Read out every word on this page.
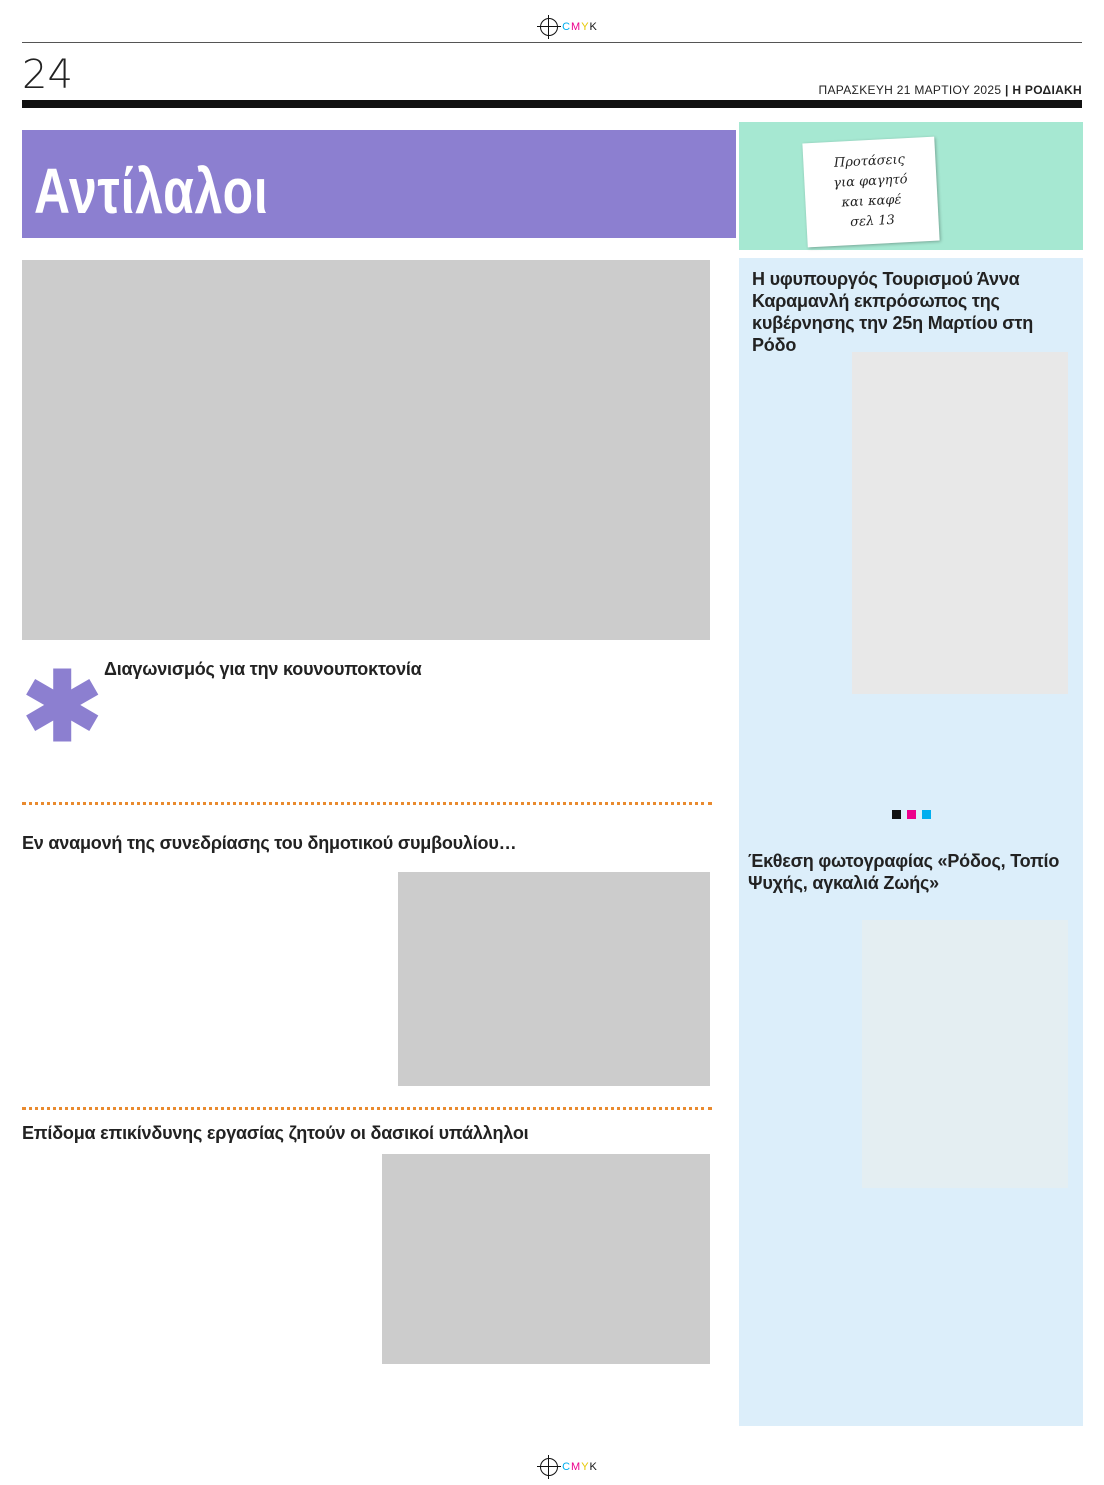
CMYK
24	ΠΑΡΑΣΚΕΥΗ 21 ΜΑΡΤΙΟΥ 2025 | Η ΡΟΔΙΑΚΗ
Αντίλαλοι	Προτάσεις
για φαγητό
και καφέ
σελ 13
✱ Διαγωνισμός για την κουνουποκτονία
Εν αναμονή της συνεδρίασης του δημοτικού συμβουλίου…
Επίδομα επικίνδυνης εργασίας ζητούν οι δασικοί υπάλληλοι
Η υφυπουργός Τουρισμού Άννα Καραμανλή εκπρόσωπος της κυβέρνησης την 25η Μαρτίου στη Ρόδο
Έκθεση φωτογραφίας «Ρόδος, Τοπίο Ψυχής, αγκαλιά Ζωής»
CMYK
